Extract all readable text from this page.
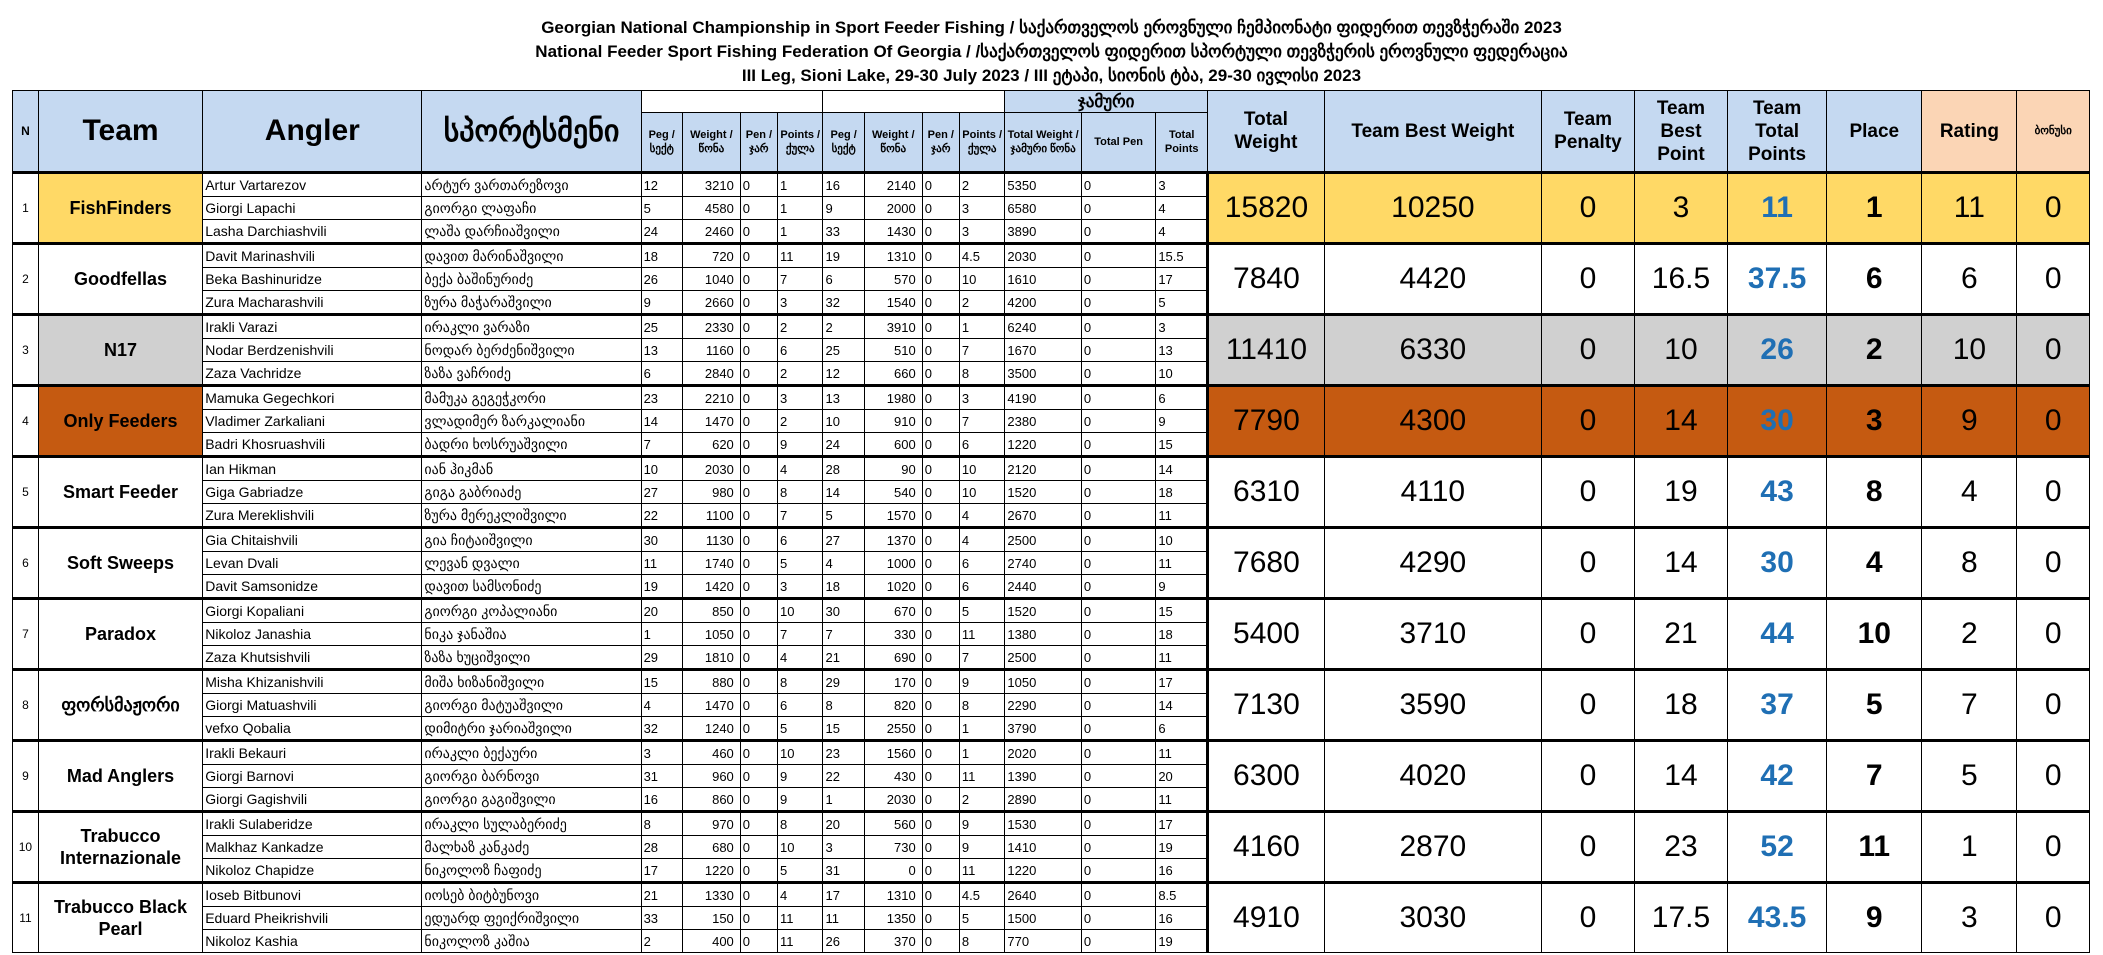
Georgian National Championship in Sport Feeder Fishing / საქართველოს ეროვნული ჩემპიონატი ფიდერით თევზჭერაში 2023
National Feeder Sport Fishing Federation Of Georgia / /საქართველოს ფიდერით სპორტული თევზჭერის ეროვნული ფედერაცია
III Leg, Sioni Lake, 29-30 July 2023 / III ეტაპი, სიონის ტბა, 29-30 ივლისი 2023
N	Team	Angler	სპორტსმენი									ჯამური			Total Weight	Team Best Weight	Team Penalty	Team Best Point	Team Total Points	Place	Rating	ბონუსი
				Peg / სექტ	Weight / წონა	Pen / ჯარ	Points / ქულა	Peg / სექტ	Weight / წონა	Pen / ჯარ	Points / ქულა	Total Weight / ჯამური წონა	Total Pen	Total Points								
1	FishFinders	Artur Vartarezov	არტურ ვართარეზოვი	12	3210	0	1	16	2140	0	2	5350	0	3	15820	10250	0	3	11	1	11	0
		Giorgi Lapachi	გიორგი ლაფაჩი	5	4580	0	1	9	2000	0	3	6580	0	4								
		Lasha Darchiashvili	ლაშა დარჩიაშვილი	24	2460	0	1	33	1430	0	3	3890	0	4								
2	Goodfellas	Davit Marinashvili	დავით მარინაშვილი	18	720	0	11	19	1310	0	4.5	2030	0	15.5	7840	4420	0	16.5	37.5	6	6	0
		Beka Bashinuridze	ბექა ბაშინურიძე	26	1040	0	7	6	570	0	10	1610	0	17								
		Zura Macharashvili	ზურა მაჭარაშვილი	9	2660	0	3	32	1540	0	2	4200	0	5								
3	N17	Irakli Varazi	ირაკლი ვარაზი	25	2330	0	2	2	3910	0	1	6240	0	3	11410	6330	0	10	26	2	10	0
		Nodar Berdzenishvili	ნოდარ ბერძენიშვილი	13	1160	0	6	25	510	0	7	1670	0	13								
		Zaza Vachridze	ზაზა ვაჩრიძე	6	2840	0	2	12	660	0	8	3500	0	10								
4	Only Feeders	Mamuka Gegechkori	მამუკა გეგეჭკორი	23	2210	0	3	13	1980	0	3	4190	0	6	7790	4300	0	14	30	3	9	0
		Vladimer Zarkaliani	ვლადიმერ ზარკალიანი	14	1470	0	2	10	910	0	7	2380	0	9								
		Badri Khosruashvili	ბადრი ხოსრუაშვილი	7	620	0	9	24	600	0	6	1220	0	15								
5	Smart Feeder	Ian Hikman	იან ჰიკმან	10	2030	0	4	28	90	0	10	2120	0	14	6310	4110	0	19	43	8	4	0
		Giga Gabriadze	გიგა გაბრიაძე	27	980	0	8	14	540	0	10	1520	0	18								
		Zura Mereklishvili	ზურა მერეკლიშვილი	22	1100	0	7	5	1570	0	4	2670	0	11								
6	Soft Sweeps	Gia Chitaishvili	გია ჩიტაიშვილი	30	1130	0	6	27	1370	0	4	2500	0	10	7680	4290	0	14	30	4	8	0
		Levan Dvali	ლევან დვალი	11	1740	0	5	4	1000	0	6	2740	0	11								
		Davit Samsonidze	დავით სამსონიძე	19	1420	0	3	18	1020	0	6	2440	0	9								
7	Paradox	Giorgi Kopaliani	გიორგი კოპალიანი	20	850	0	10	30	670	0	5	1520	0	15	5400	3710	0	21	44	10	2	0
		Nikoloz Janashia	ნიკა ჯანაშია	1	1050	0	7	7	330	0	11	1380	0	18								
		Zaza Khutsishvili	ზაზა ხუციშვილი	29	1810	0	4	21	690	0	7	2500	0	11								
8	ფორსმაჟორი	Misha Khizanishvili	მიშა ხიზანიშვილი	15	880	0	8	29	170	0	9	1050	0	17	7130	3590	0	18	37	5	7	0
		Giorgi Matuashvili	გიორგი მატუაშვილი	4	1470	0	6	8	820	0	8	2290	0	14								
		vefxo Qobalia	დიმიტრი ჯარიაშვილი	32	1240	0	5	15	2550	0	1	3790	0	6								
9	Mad Anglers	Irakli Bekauri	ირაკლი ბექაური	3	460	0	10	23	1560	0	1	2020	0	11	6300	4020	0	14	42	7	5	0
		Giorgi Barnovi	გიორგი ბარნოვი	31	960	0	9	22	430	0	11	1390	0	20								
		Giorgi Gagishvili	გიორგი გაგიშვილი	16	860	0	9	1	2030	0	2	2890	0	11								
10	Trabucco Internazionale	Irakli Sulaberidze	ირაკლი სულაბერიძე	8	970	0	8	20	560	0	9	1530	0	17	4160	2870	0	23	52	11	1	0
		Malkhaz Kankadze	მალხაზ კანკაძე	28	680	0	10	3	730	0	9	1410	0	19								
		Nikoloz Chapidze	ნიკოლოზ ჩაფიძე	17	1220	0	5	31	0	0	11	1220	0	16								
11	Trabucco Black Pearl	Ioseb Bitbunovi	იოსებ ბიტბუნოვი	21	1330	0	4	17	1310	0	4.5	2640	0	8.5	4910	3030	0	17.5	43.5	9	3	0
		Eduard Pheikrishvili	ედუარდ ფეიქრიშვილი	33	150	0	11	11	1350	0	5	1500	0	16								
		Nikoloz Kashia	ნიკოლოზ კაშია	2	400	0	11	26	370	0	8	770	0	19								
